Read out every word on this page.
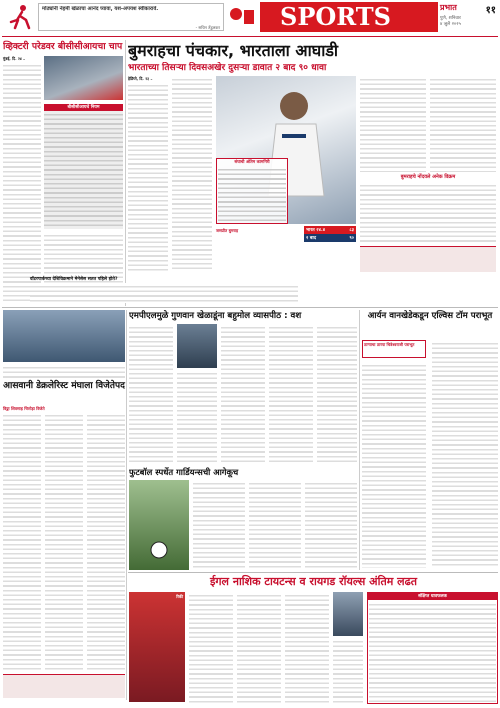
मोठ्यांनी नेहमी खेळाचा आनंद घ्यावा, यश-अपयश स्वीकारावे.
- सचिन तेंडुलकर	SPORTS	प्रभात	११
पुणे, शनिवार
४ जुलै २०२५
व्हिक्टरी परेडवर बीसीसीआयचा चाप
मुंबई, दि. २४ –
बीसीसीआयचे नियम
बुमराहचा पंचकार, भारताला आघाडी
भारताच्या तिसऱ्या दिवसअखेर दुसऱ्या डावात २ बाद ९० धावा
हेडिंग्ले, दि. २३ –
संघाची अंतिम कामगिरी
भारत २४.४	८३
२ बाद	९०
जसप्रीत बुमराह
बुमराहचे नोंदवले अनेक विक्रम
वॉटरपार्कच्या देशिविक्रमाने मेनेसेस सतत पहिले होते?
आसवानी डेक्रलेरिस्ट मंघाला विजेतेपद
विठ्ठा शिवसाह चित्तोड़ा विजेते
एमपीएलमुळे गुणवान खेळाडूंना बहुमोल व्यासपीठ : वश
फुटबॉल स्पर्धेत गार्डियन्सची आगेकूच
आर्यन वानखेडेकडून एल्विस टॉम पराभूत
ठान्याचा ठारपा चित्रेश्वराजी पराभूत
ईगल नाशिक टायटन्स व रायगड रॉयल्स अंतिम लढत
रिकी	संक्षिप्त धावफलक
